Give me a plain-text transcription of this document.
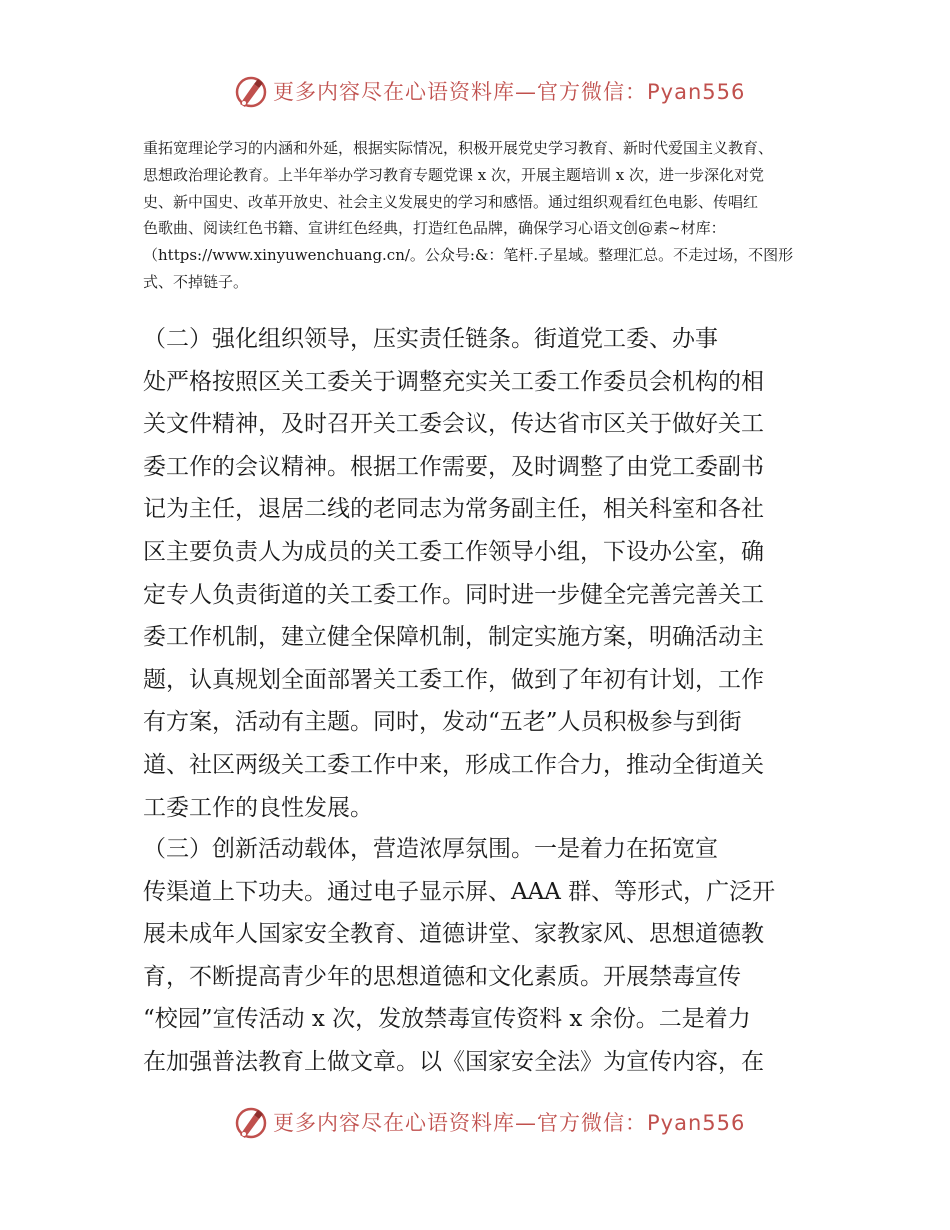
更多内容尽在心语资料库—官方微信：Pyan556
重拓宽理论学习的内涵和外延，根据实际情况，积极开展党史学习教育、新时代爱国主义教育、
思想政治理论教育。上半年举办学习教育专题党课 x 次，开展主题培训 x 次，进一步深化对党
史、新中国史、改革开放史、社会主义发展史的学习和感悟。通过组织观看红色电影、传唱红
色歌曲、阅读红色书籍、宣讲红色经典，打造红色品牌，确保学习心语文创@素~材库：
（https://www.xinyuwenchuang.cn/。公众号:&：笔杆.子星域。整理汇总。不走过场，不图形
式、不掉链子。
（二）强化组织领导，压实责任链条。街道党工委、办事
处严格按照区关工委关于调整充实关工委工作委员会机构的相
关文件精神，及时召开关工委会议，传达省市区关于做好关工
委工作的会议精神。根据工作需要，及时调整了由党工委副书
记为主任，退居二线的老同志为常务副主任，相关科室和各社
区主要负责人为成员的关工委工作领导小组，下设办公室，确
定专人负责街道的关工委工作。同时进一步健全完善完善关工
委工作机制，建立健全保障机制，制定实施方案，明确活动主
题，认真规划全面部署关工委工作，做到了年初有计划，工作
有方案，活动有主题。同时，发动“五老”人员积极参与到街
道、社区两级关工委工作中来，形成工作合力，推动全街道关
工委工作的良性发展。
（三）创新活动载体，营造浓厚氛围。一是着力在拓宽宣
传渠道上下功夫。通过电子显示屏、AAA 群、等形式，广泛开
展未成年人国家安全教育、道德讲堂、家教家风、思想道德教
育，不断提高青少年的思想道德和文化素质。开展禁毒宣传
“校园”宣传活动 x 次，发放禁毒宣传资料 x 余份。二是着力
在加强普法教育上做文章。以《国家安全法》为宣传内容，在
更多内容尽在心语资料库—官方微信：Pyan556
